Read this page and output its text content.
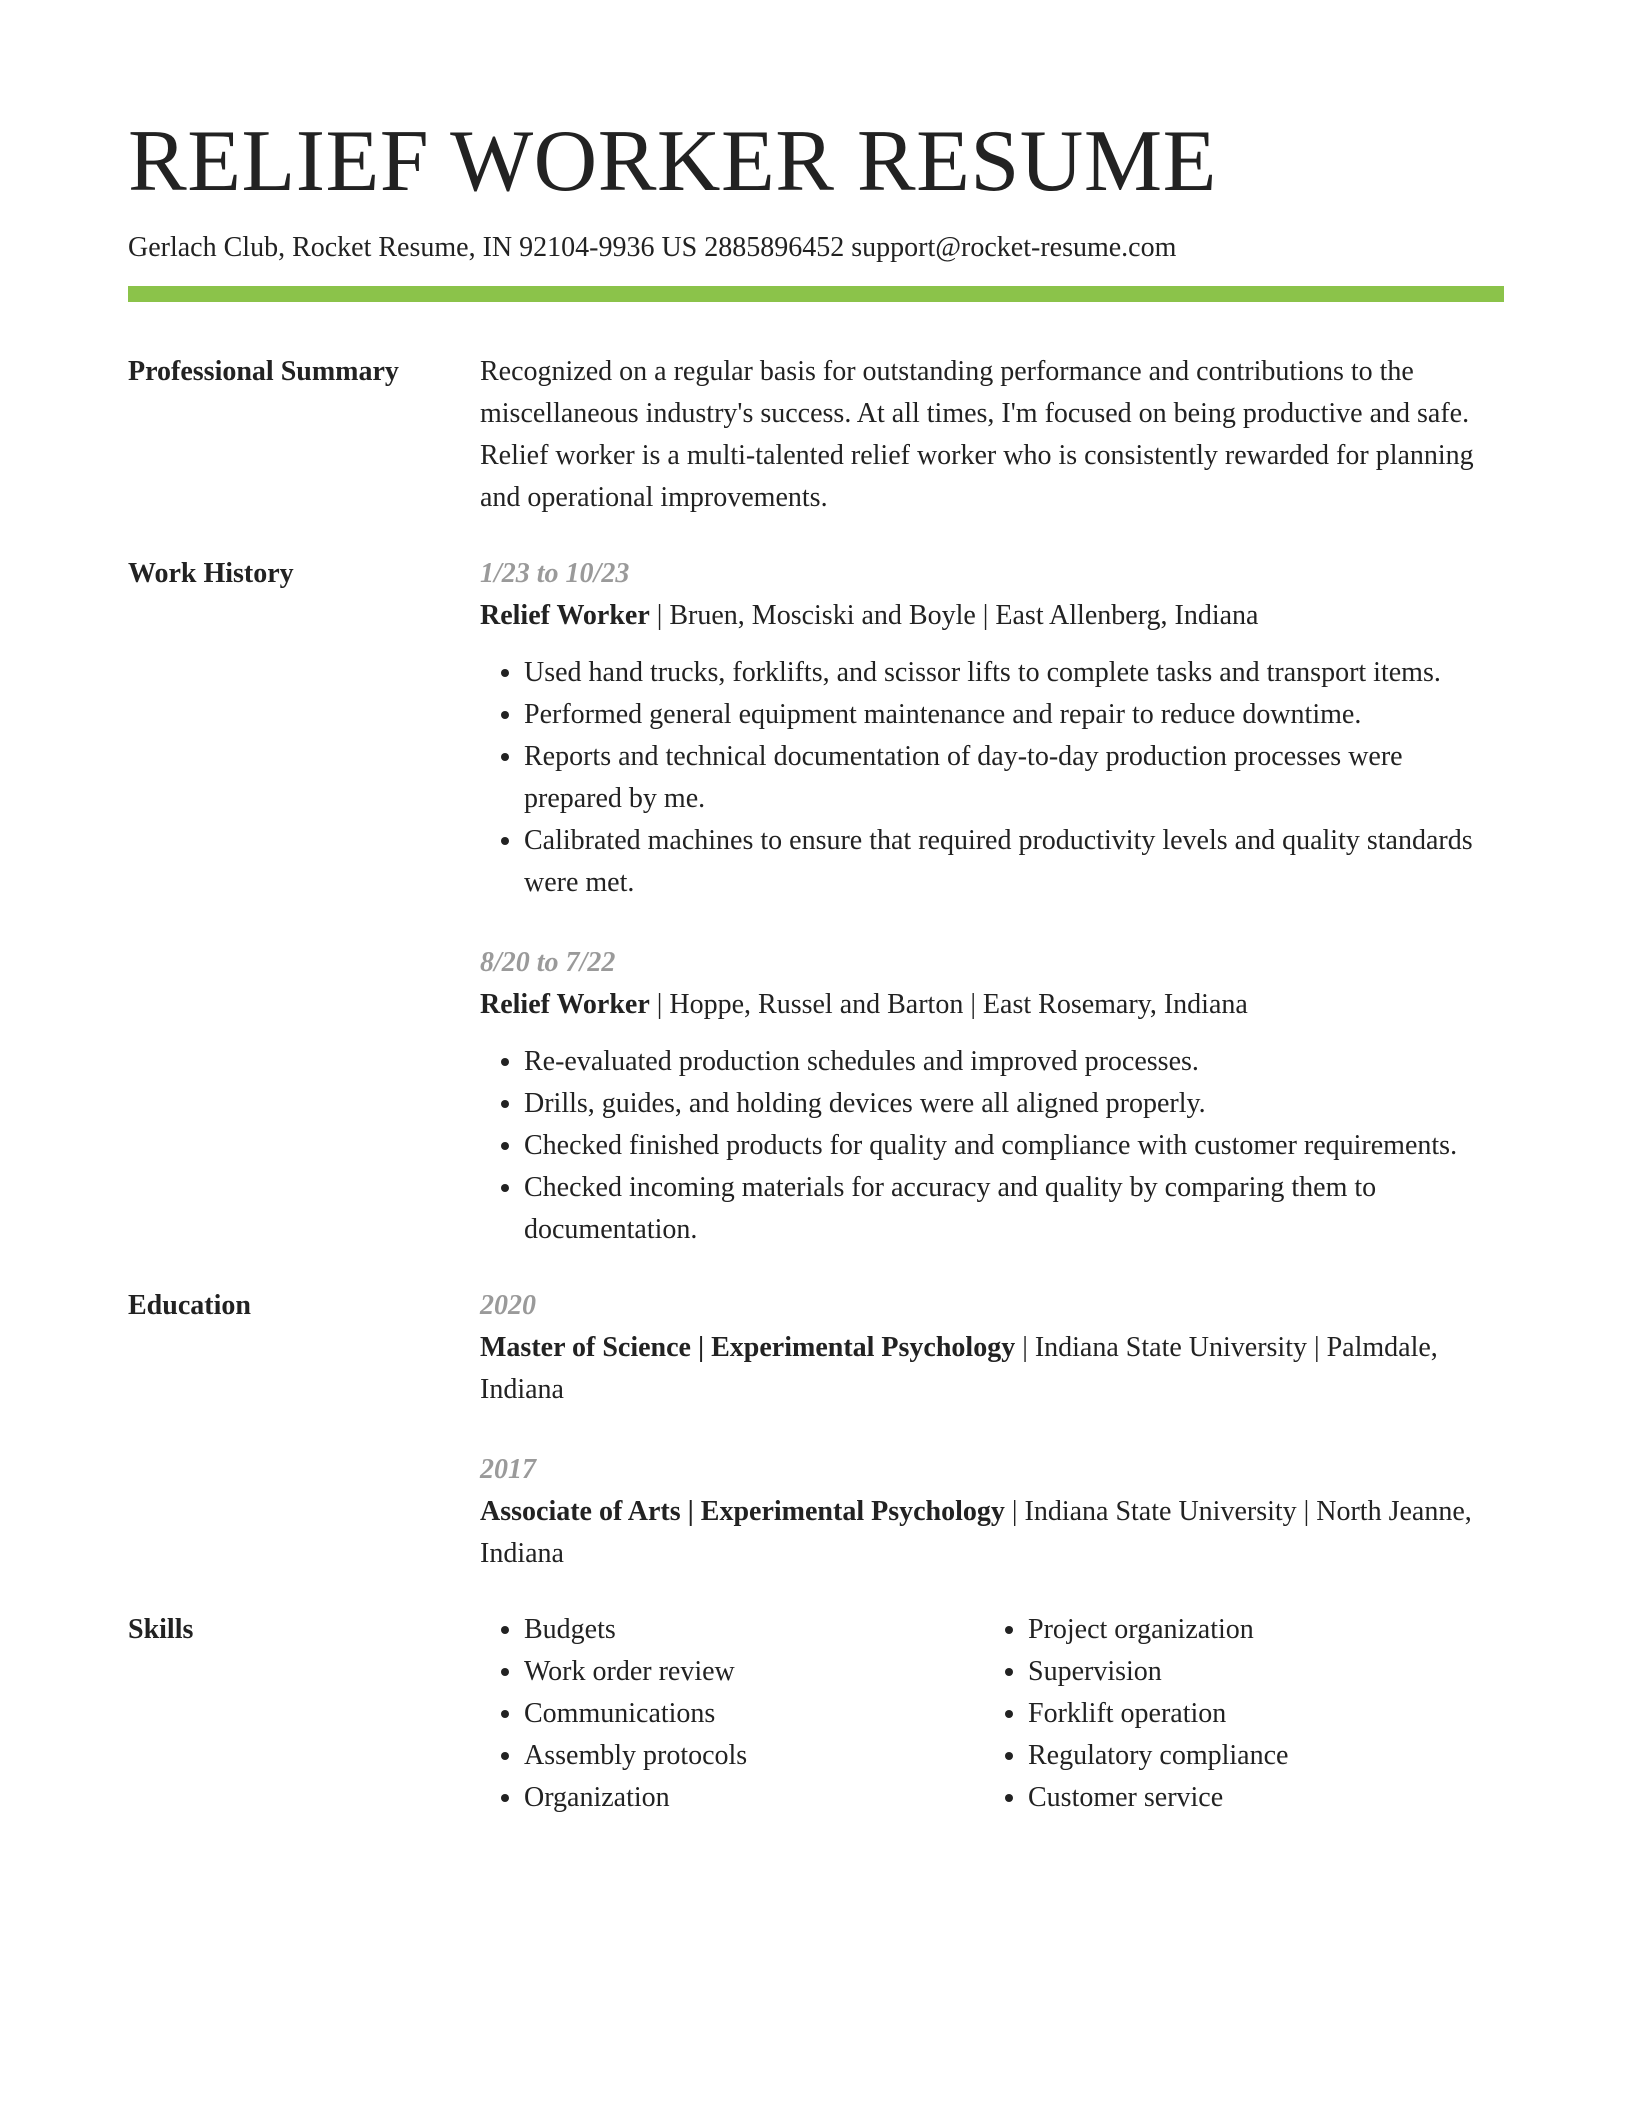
RELIEF WORKER RESUME
Gerlach Club, Rocket Resume, IN 92104-9936 US 2885896452 support@rocket-resume.com
Professional Summary	Recognized on a regular basis for outstanding performance and contributions to the miscellaneous industry's success. At all times, I'm focused on being productive and safe. Relief worker is a multi-talented relief worker who is consistently rewarded for planning and operational improvements.

Work History	1/23 to 10/23
Relief Worker | Bruen, Mosciski and Boyle | East Allenberg, Indiana
• Used hand trucks, forklifts, and scissor lifts to complete tasks and transport items.
• Performed general equipment maintenance and repair to reduce downtime.
• Reports and technical documentation of day-to-day production processes were prepared by me.
• Calibrated machines to ensure that required productivity levels and quality standards were met.
8/20 to 7/22
Relief Worker | Hoppe, Russel and Barton | East Rosemary, Indiana
• Re-evaluated production schedules and improved processes.
• Drills, guides, and holding devices were all aligned properly.
• Checked finished products for quality and compliance with customer requirements.
• Checked incoming materials for accuracy and quality by comparing them to documentation.
Education	2020
Master of Science | Experimental Psychology | Indiana State University | Palmdale, Indiana
2017
Associate of Arts | Experimental Psychology | Indiana State University | North Jeanne, Indiana
Skills
•	Budgets
• Work order review
• Communications
• Assembly protocols
• Organization
• Project organization
• Supervision
• Forklift operation
• Regulatory compliance
• Customer service
